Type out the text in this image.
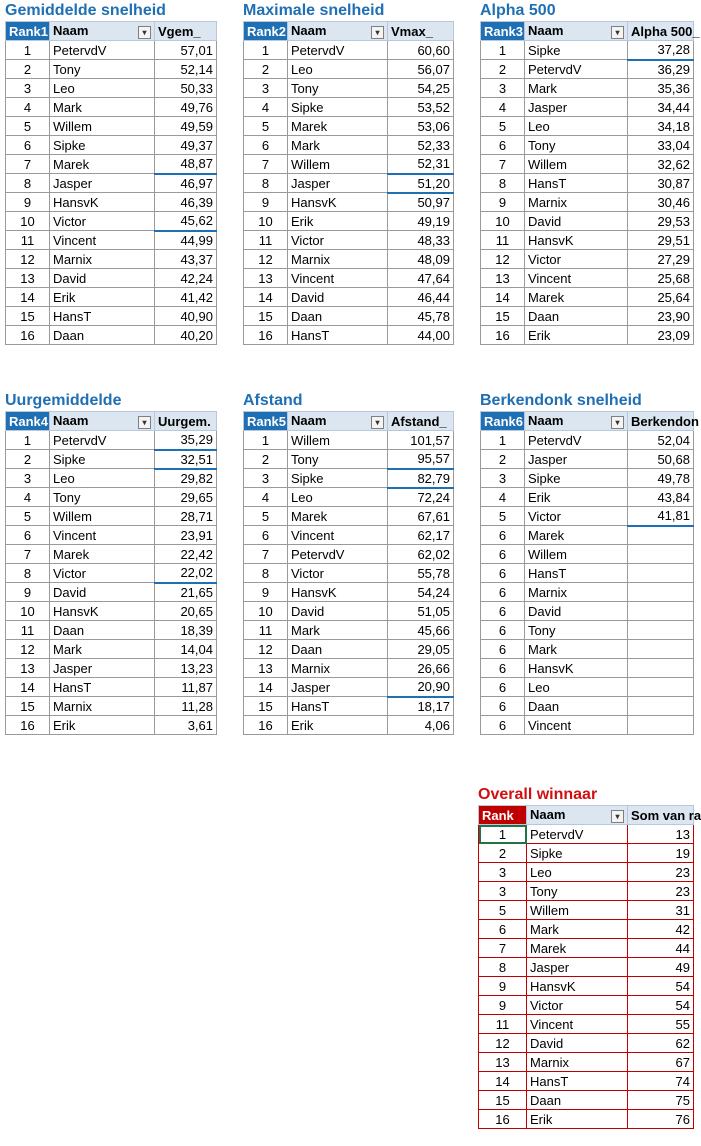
Gemiddelde snelheid
Rank1	Naam ▾	Vgem_
1	PetervdV	57,01
2	Tony	52,14
3	Leo	50,33
4	Mark	49,76
5	Willem	49,59
6	Sipke	49,37
7	Marek	48,87
8	Jasper	46,97
9	HansvK	46,39
10	Victor	45,62
11	Vincent	44,99
12	Marnix	43,37
13	David	42,24
14	Erik	41,42
15	HansT	40,90
16	Daan	40,20
Maximale snelheid
Rank2	Naam ▾	Vmax_
1	PetervdV	60,60
2	Leo	56,07
3	Tony	54,25
4	Sipke	53,52
5	Marek	53,06
6	Mark	52,33
7	Willem	52,31
8	Jasper	51,20
9	HansvK	50,97
10	Erik	49,19
11	Victor	48,33
12	Marnix	48,09
13	Vincent	47,64
14	David	46,44
15	Daan	45,78
16	HansT	44,00
Alpha 500
Rank3	Naam ▾	Alpha 500_
1	Sipke	37,28
2	PetervdV	36,29
3	Mark	35,36
4	Jasper	34,44
5	Leo	34,18
6	Tony	33,04
7	Willem	32,62
8	HansT	30,87
9	Marnix	30,46
10	David	29,53
11	HansvK	29,51
12	Victor	27,29
13	Vincent	25,68
14	Marek	25,64
15	Daan	23,90
16	Erik	23,09
Uurgemiddelde
Rank4	Naam ▾	Uurgem.
1	PetervdV	35,29
2	Sipke	32,51
3	Leo	29,82
4	Tony	29,65
5	Willem	28,71
6	Vincent	23,91
7	Marek	22,42
8	Victor	22,02
9	David	21,65
10	HansvK	20,65
11	Daan	18,39
12	Mark	14,04
13	Jasper	13,23
14	HansT	11,87
15	Marnix	11,28
16	Erik	3,61
Afstand
Rank5	Naam ▾	Afstand_
1	Willem	101,57
2	Tony	95,57
3	Sipke	82,79
4	Leo	72,24
5	Marek	67,61
6	Vincent	62,17
7	PetervdV	62,02
8	Victor	55,78
9	HansvK	54,24
10	David	51,05
11	Mark	45,66
12	Daan	29,05
13	Marnix	26,66
14	Jasper	20,90
15	HansT	18,17
16	Erik	4,06
Berkendonk snelheid
Rank6	Naam ▾	Berkendon
1	PetervdV	52,04
2	Jasper	50,68
3	Sipke	49,78
4	Erik	43,84
5	Victor	41,81
6	Marek	
6	Willem	
6	HansT	
6	Marnix	
6	David	
6	Tony	
6	Mark	
6	HansvK	
6	Leo	
6	Daan	
6	Vincent	
Overall winnaar
Rank	Naam ▾	Som van ra
1	PetervdV	13
2	Sipke	19
3	Leo	23
3	Tony	23
5	Willem	31
6	Mark	42
7	Marek	44
8	Jasper	49
9	HansvK	54
9	Victor	54
11	Vincent	55
12	David	62
13	Marnix	67
14	HansT	74
15	Daan	75
16	Erik	76
